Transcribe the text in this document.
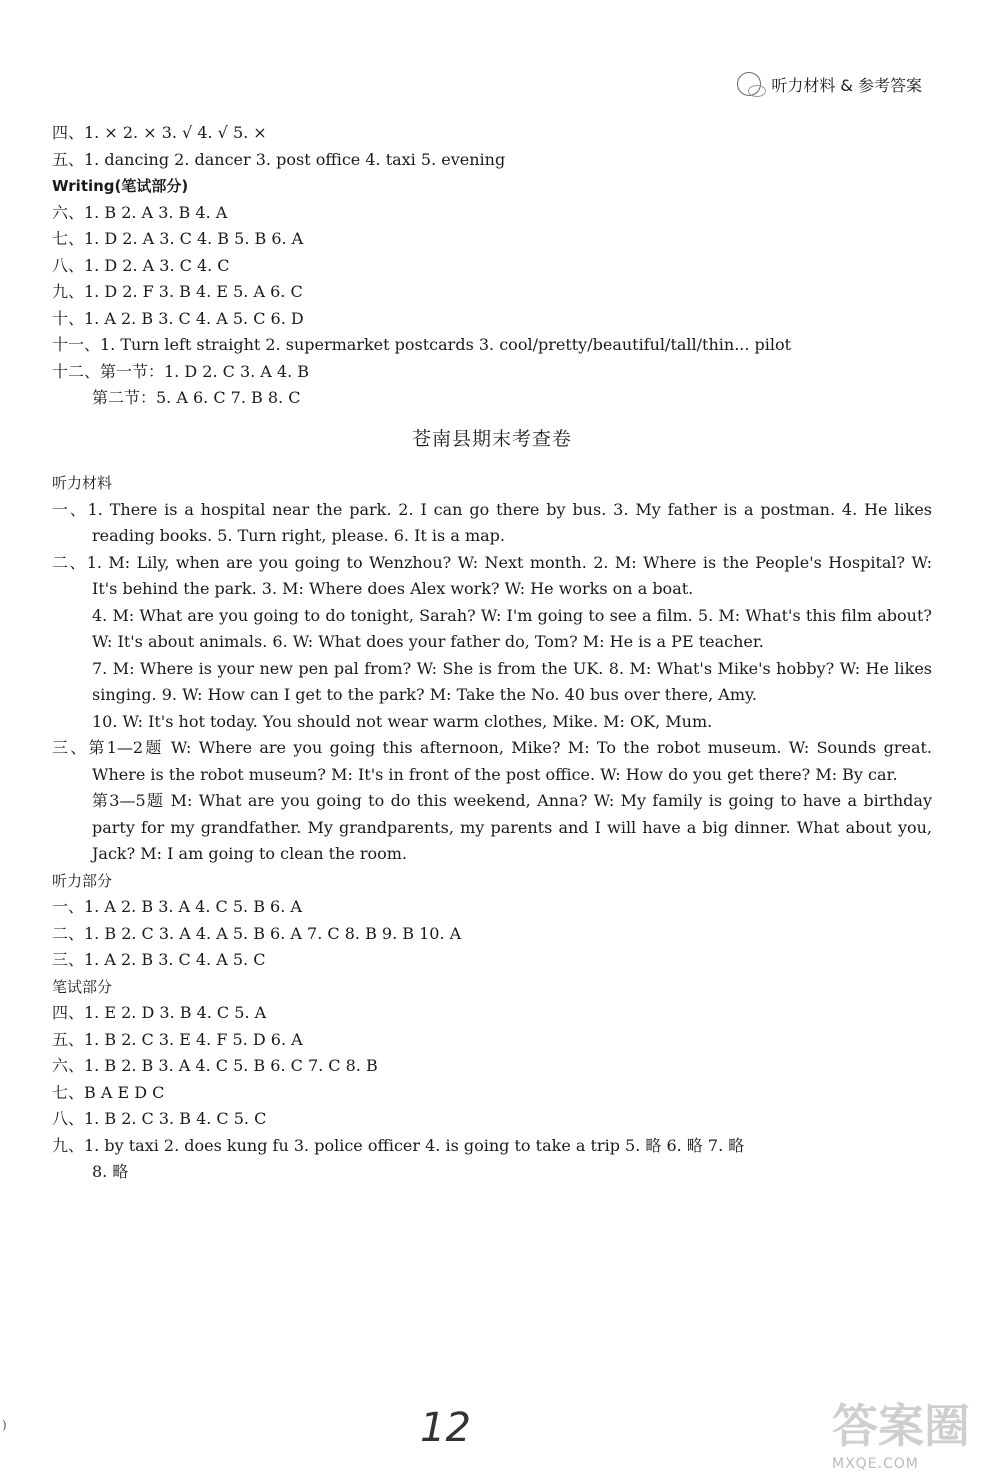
听力材料 & 参考答案
四、1. × 2. × 3. √ 4. √ 5. ×
五、1. dancing 2. dancer 3. post office 4. taxi 5. evening
Writing(笔试部分)
六、1. B 2. A 3. B 4. A
七、1. D 2. A 3. C 4. B 5. B 6. A
八、1. D 2. A 3. C 4. C
九、1. D 2. F 3. B 4. E 5. A 6. C
十、1. A 2. B 3. C 4. A 5. C 6. D
十一、1. Turn left straight 2. supermarket postcards 3. cool/pretty/beautiful/tall/thin... pilot
十二、第一节：1. D 2. C 3. A 4. B
第二节：5. A 6. C 7. B 8. C
苍南县期末考查卷
听力材料
一、1. There is a hospital near the park. 2. I can go there by bus. 3. My father is a postman. 4. He likes reading books. 5. Turn right, please. 6. It is a map.
二、1. M: Lily, when are you going to Wenzhou? W: Next month. 2. M: Where is the People's Hospital? W: It's behind the park. 3. M: Where does Alex work? W: He works on a boat.
4. M: What are you going to do tonight, Sarah? W: I'm going to see a film. 5. M: What's this film about? W: It's about animals. 6. W: What does your father do, Tom? M: He is a PE teacher.
7. M: Where is your new pen pal from? W: She is from the UK. 8. M: What's Mike's hobby? W: He likes singing. 9. W: How can I get to the park? M: Take the No. 40 bus over there, Amy.
10. W: It's hot today. You should not wear warm clothes, Mike. M: OK, Mum.
三、第1—2题 W: Where are you going this afternoon, Mike? M: To the robot museum. W: Sounds great. Where is the robot museum? M: It's in front of the post office. W: How do you get there? M: By car.
第3—5题 M: What are you going to do this weekend, Anna? W: My family is going to have a birthday party for my grandfather. My grandparents, my parents and I will have a big dinner. What about you, Jack? M: I am going to clean the room.
听力部分
一、1. A 2. B 3. A 4. C 5. B 6. A
二、1. B 2. C 3. A 4. A 5. B 6. A 7. C 8. B 9. B 10. A
三、1. A 2. B 3. C 4. A 5. C
笔试部分
四、1. E 2. D 3. B 4. C 5. A
五、1. B 2. C 3. E 4. F 5. D 6. A
六、1. B 2. B 3. A 4. C 5. B 6. C 7. C 8. B
七、B A E D C
八、1. B 2. C 3. B 4. C 5. C
九、1. by taxi 2. does kung fu 3. police officer 4. is going to take a trip 5. 略 6. 略 7. 略
8. 略
)	12	答案圈
MXQE.COM
